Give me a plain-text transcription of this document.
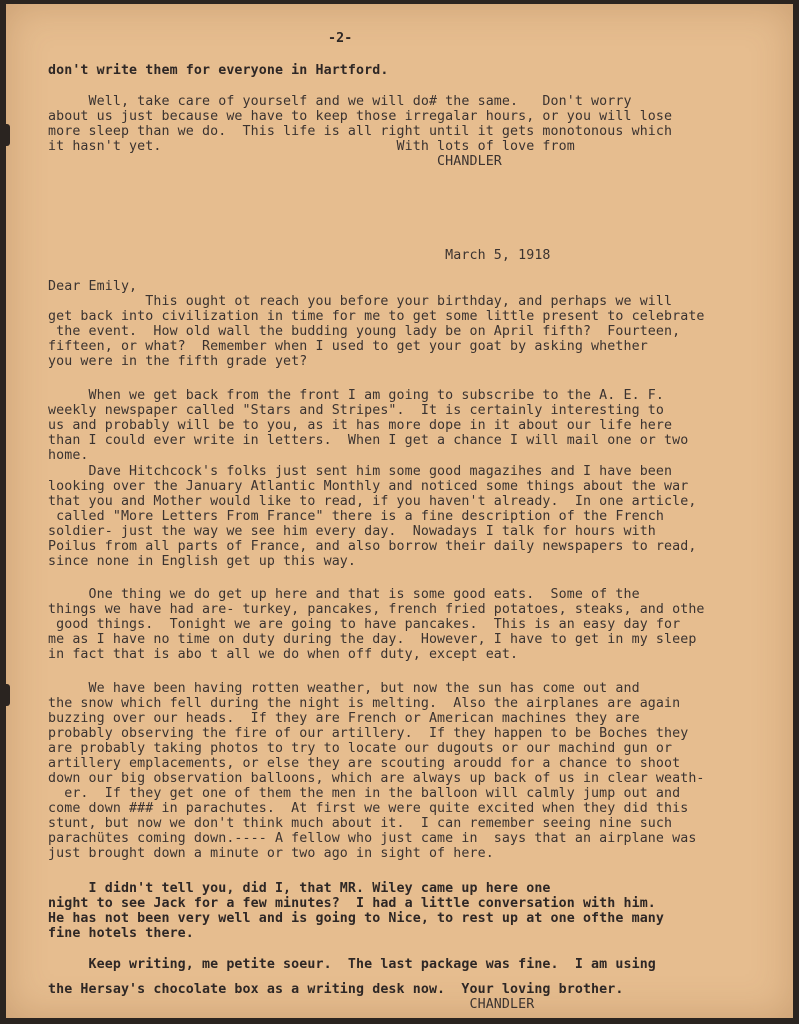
-2-
don't write them for everyone in Hartford.
Well, take care of yourself and we will do# the same.   Don't worry
about us just because we have to keep those irregalar hours, or you will lose
more sleep than we do.  This life is all right until it gets monotonous which
it hasn't yet.                             With lots of love from
CHANDLER
March 5, 1918
Dear Emily,
This ought ot reach you before your birthday, and perhaps we will
get back into civilization in time for me to get some little present to celebrate
the event.  How old wall the budding young lady be on April fifth?  Fourteen,
fifteen, or what?  Remember when I used to get your goat by asking whether
you were in the fifth grade yet?
When we get back from the front I am going to subscribe to the A. E. F.
weekly newspaper called "Stars and Stripes".  It is certainly interesting to
us and probably will be to you, as it has more dope in it about our life here
than I could ever write in letters.  When I get a chance I will mail one or two
home.
Dave Hitchcock's folks just sent him some good magazihes and I have been
looking over the January Atlantic Monthly and noticed some things about the war
that you and Mother would like to read, if you haven't already.  In one article,
called "More Letters From France" there is a fine description of the French
soldier- just the way we see him every day.  Nowadays I talk for hours with
Poilus from all parts of France, and also borrow their daily newspapers to read,
since none in English get up this way.
One thing we do get up here and that is some good eats.  Some of the
things we have had are- turkey, pancakes, french fried potatoes, steaks, and othe
good things.  Tonight we are going to have pancakes.  This is an easy day for
me as I have no time on duty during the day.  However, I have to get in my sleep
in fact that is abo t all we do when off duty, except eat.
We have been having rotten weather, but now the sun has come out and
the snow which fell during the night is melting.  Also the airplanes are again
buzzing over our heads.  If they are French or American machines they are
probably observing the fire of our artillery.  If they happen to be Boches they
are probably taking photos to try to locate our dugouts or our machind gun or
artillery emplacements, or else they are scouting aroudd for a chance to shoot
down our big observation balloons, which are always up back of us in clear weath-
er.  If they get one of them the men in the balloon will calmly jump out and
come down ### in parachutes.  At first we were quite excited when they did this
stunt, but now we don't think much about it.  I can remember seeing nine such
parachütes coming down.---- A fellow who just came in  says that an airplane was
just brought down a minute or two ago in sight of here.
I didn't tell you, did I, that MR. Wiley came up here one
night to see Jack for a few minutes?  I had a little conversation with him.
He has not been very well and is going to Nice, to rest up at one ofthe many
fine hotels there.
Keep writing, me petite soeur.  The last package was fine.  I am using
the Hersay's chocolate box as a writing desk now.  Your loving brother.
CHANDLER
